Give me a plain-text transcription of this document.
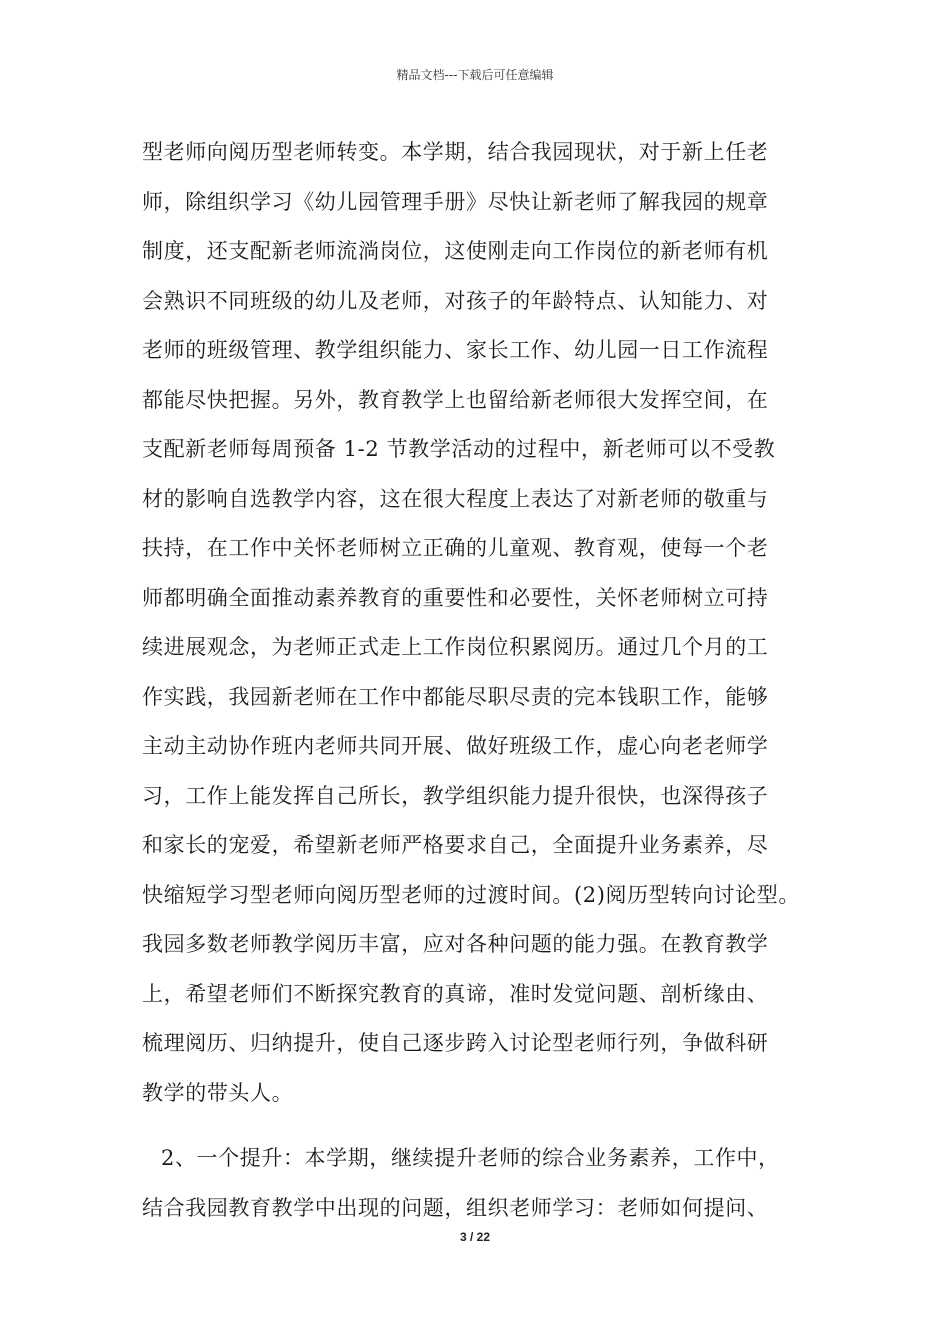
精品文档---下载后可任意编辑
型老师向阅历型老师转变。本学期，结合我园现状，对于新上任老
师，除组织学习《幼儿园管理手册》尽快让新老师了解我园的规章
制度，还支配新老师流淌岗位，这使刚走向工作岗位的新老师有机
会熟识不同班级的幼儿及老师，对孩子的年龄特点、认知能力、对
老师的班级管理、教学组织能力、家长工作、幼儿园一日工作流程
都能尽快把握。另外，教育教学上也留给新老师很大发挥空间，在
支配新老师每周预备 1-2 节教学活动的过程中，新老师可以不受教
材的影响自选教学内容，这在很大程度上表达了对新老师的敬重与
扶持，在工作中关怀老师树立正确的儿童观、教育观，使每一个老
师都明确全面推动素养教育的重要性和必要性，关怀老师树立可持
续进展观念，为老师正式走上工作岗位积累阅历。通过几个月的工
作实践，我园新老师在工作中都能尽职尽责的完本钱职工作，能够
主动主动协作班内老师共同开展、做好班级工作，虚心向老老师学
习，工作上能发挥自己所长，教学组织能力提升很快，也深得孩子
和家长的宠爱，希望新老师严格要求自己，全面提升业务素养，尽
快缩短学习型老师向阅历型老师的过渡时间。(2)阅历型转向讨论型。
我园多数老师教学阅历丰富，应对各种问题的能力强。在教育教学
上，希望老师们不断探究教育的真谛，准时发觉问题、剖析缘由、
梳理阅历、归纳提升，使自己逐步跨入讨论型老师行列，争做科研
教学的带头人。
2、一个提升：本学期，继续提升老师的综合业务素养，工作中，
结合我园教育教学中出现的问题，组织老师学习：老师如何提问、
3 / 22
